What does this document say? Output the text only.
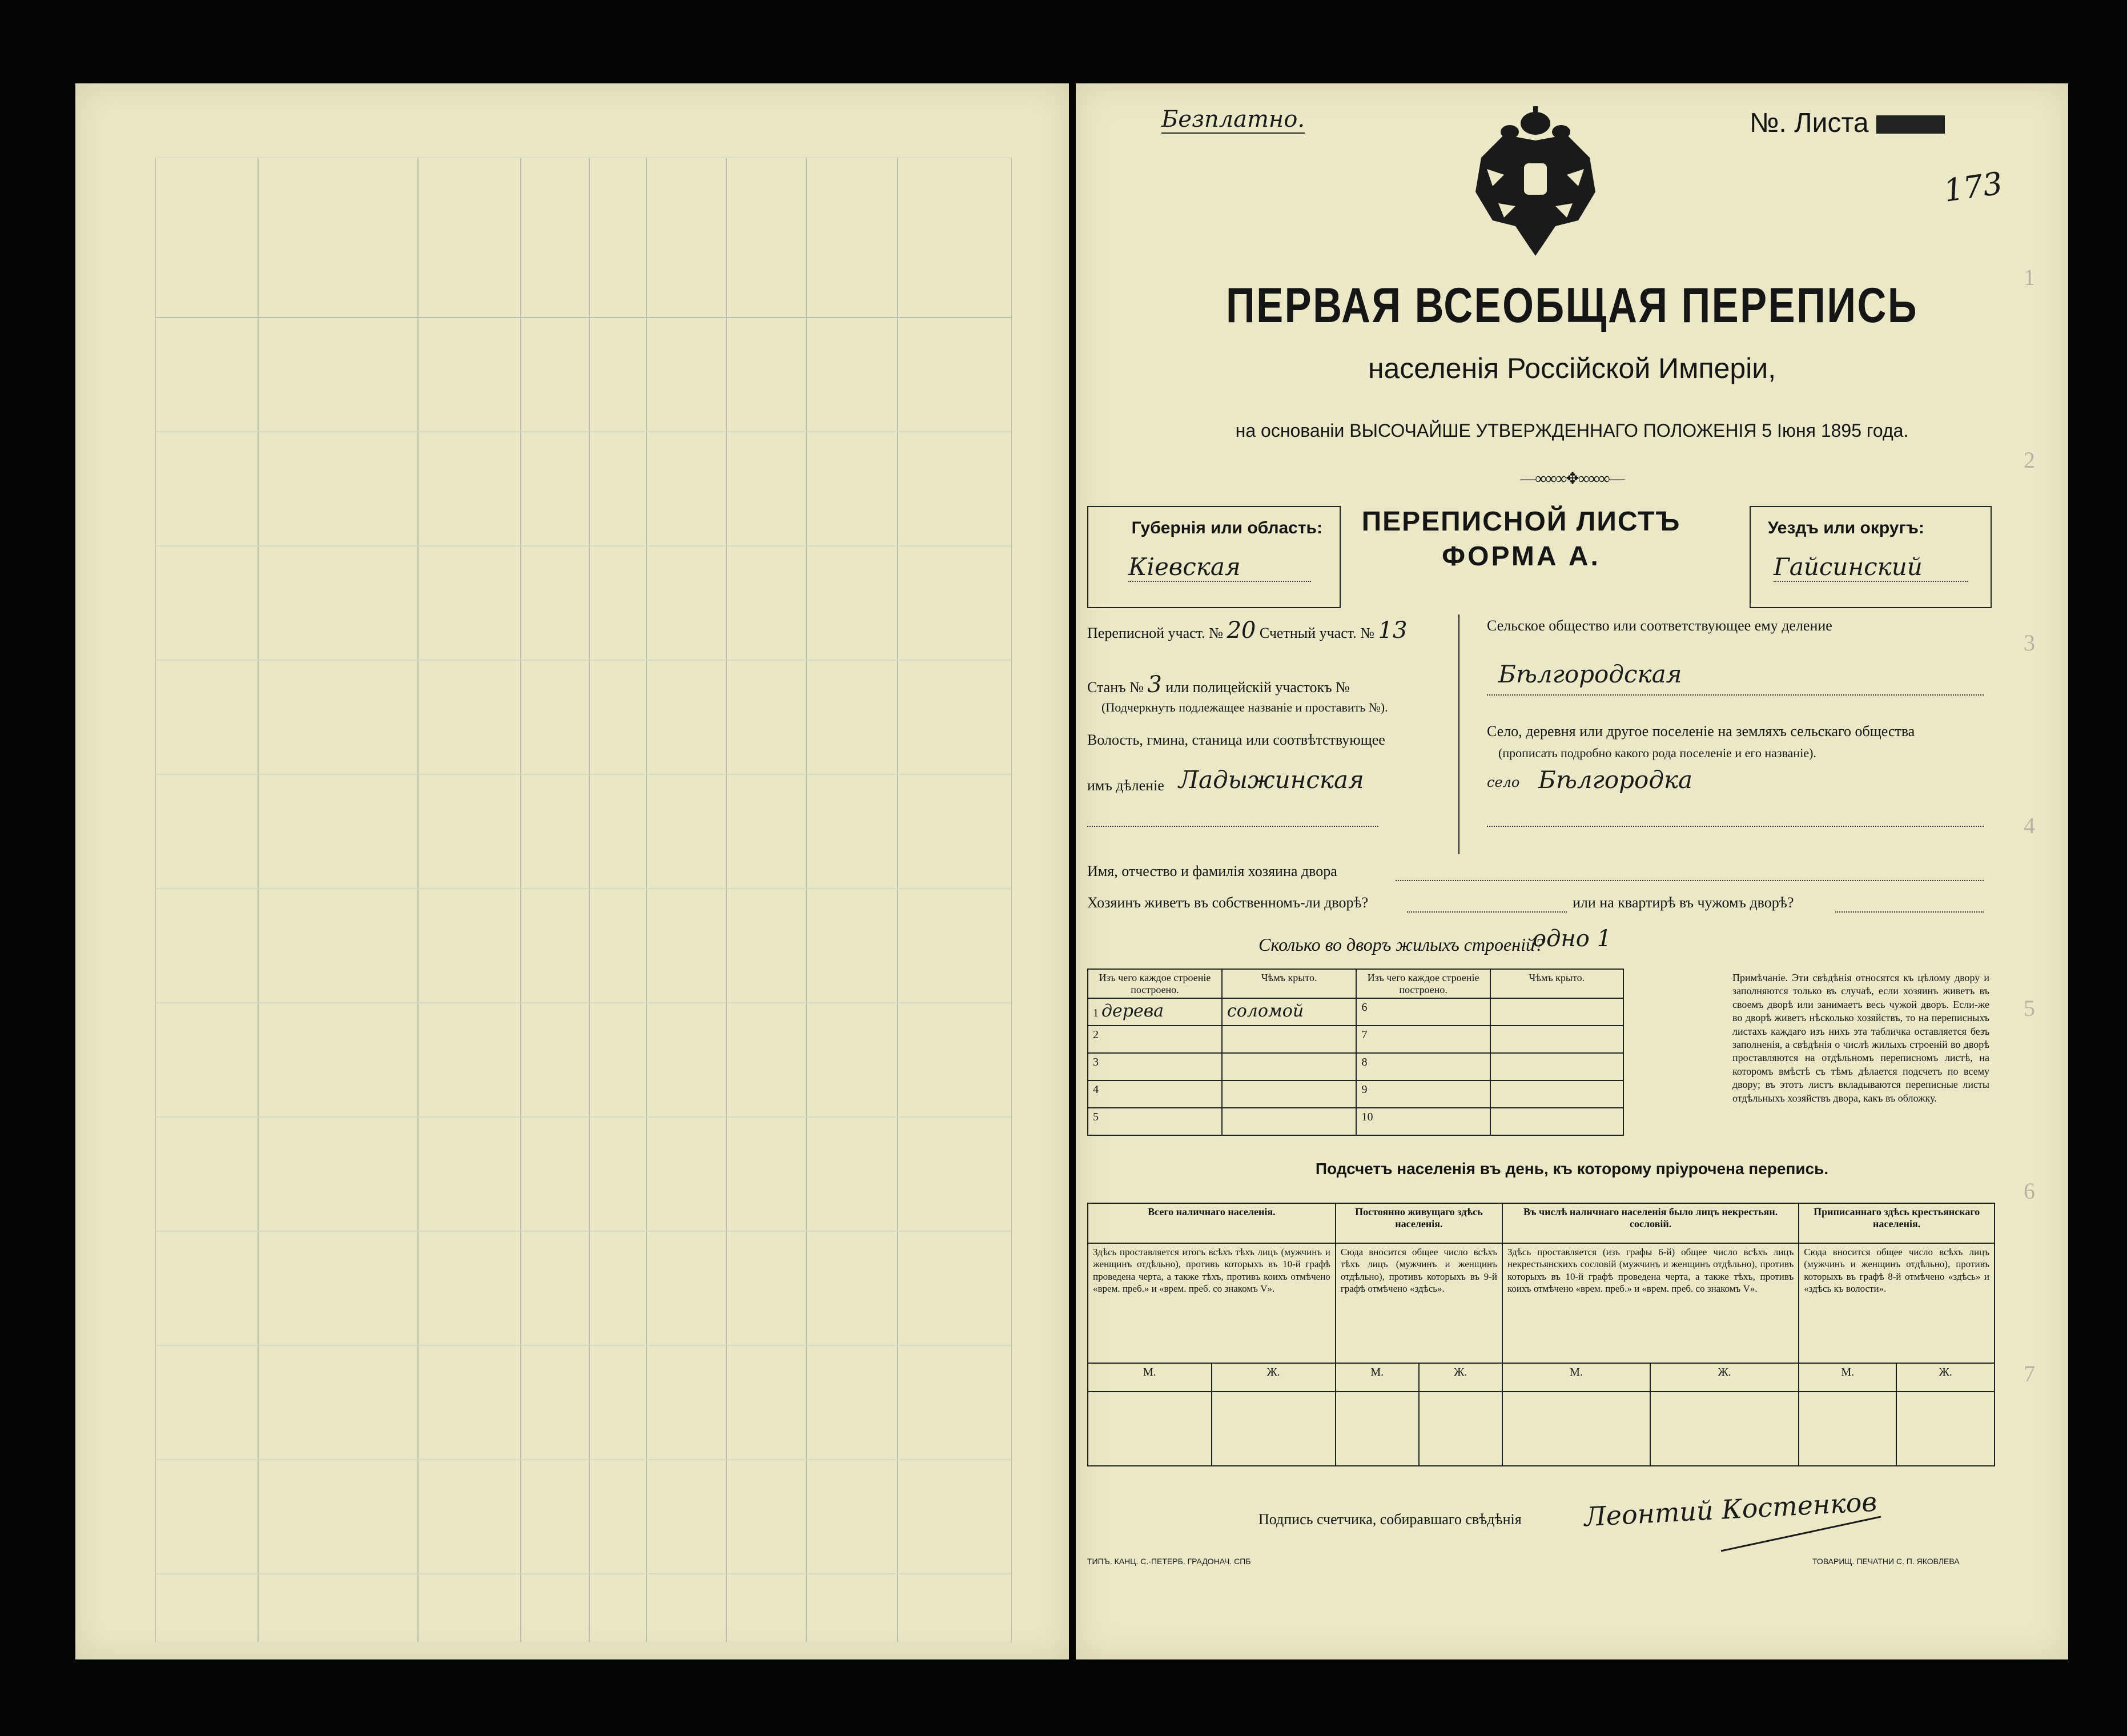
Безплатно.	№. Листа
173
ПЕРВАЯ ВСЕОБЩАЯ ПЕРЕПИСЬ
населенія Россійской Имперіи,
на основаніи ВЫСОЧАЙШЕ УТВЕРЖДЕННАГО ПОЛОЖЕНІЯ 5 Іюня 1895 года.
—∞∞∞✥∞∞∞—
Губернія или область:
Кіевская
ПЕРЕПИСНОЙ ЛИСТЪ
ФОРМА А.
Уездъ или округъ:
Гайсинский
Переписной участ. № 20 Счетный участ. № 13
Станъ № 3 или полицейскій участокъ №
(Подчеркнуть подлежащее названіе и проставить №).
Волость, гмина, станица или соотвѣтствующее
имъ дѣленіе Ладыжинская
Сельское общество или соответствующее ему деление
Бѣлгородская
Село, деревня или другое поселеніе на земляхъ сельскаго общества
(прописать подробно какого рода поселеніе и его названіе).
село Бѣлгородка
Имя, отчество и фамилія хозяина двора
Хозяинъ живетъ въ собственномъ-ли дворѣ?	или на квартирѣ въ чужомъ дворѣ?
Сколько во дворъ жилыхъ строеній?
одно 1
Изъ чего каждое строеніе построено.	Чѣмъ крыто.	Изъ чего каждое строеніе построено.	Чѣмъ крыто.
1 дерева	соломой	6	
2		7	
3		8	
4		9	
5		10	
Примѣчаніе. Эти свѣдѣнія относятся къ цѣлому двору и заполняются только въ случаѣ, если хозяинъ живетъ въ своемъ дворѣ или занимаетъ весь чужой дворъ. Если-же во дворѣ живетъ нѣсколько хозяйствъ, то на переписныхъ листахъ каждаго изъ нихъ эта табличка оставляется безъ заполненія, а свѣдѣнія о числѣ жилыхъ строеній во дворѣ проставляются на отдѣльномъ переписномъ листѣ, на которомъ вмѣстѣ съ тѣмъ дѣлается подсчетъ по всему двору; въ этотъ листъ вкладываются переписные листы отдѣльныхъ хозяйствъ двора, какъ въ обложку.
Подсчетъ населенія въ день, къ которому пріурочена перепись.
Всего наличнаго населенія.		Постоянно живущаго здѣсь населенія.		Въ числѣ наличнаго населенія было лицъ некрестьян. сословій.		Приписаннаго здѣсь крестьянскаго населенія.	
Здѣсь проставляется итогъ всѣхъ тѣхъ лицъ (мужчинъ и женщинъ отдѣльно), противъ которыхъ въ 10-й графѣ проведена черта, а также тѣхъ, противъ коихъ отмѣчено «врем. преб.» и «врем. преб. со знакомъ V».		Сюда вносится общее число всѣхъ тѣхъ лицъ (мужчинъ и женщинъ отдѣльно), противъ которыхъ въ 9-й графѣ отмѣчено «здѣсь».		Здѣсь проставляется (изъ графы 6-й) общее число всѣхъ лицъ некрестьянскихъ сословій (мужчинъ и женщинъ отдѣльно), противъ которыхъ въ 10-й графѣ проведена черта, а также тѣхъ, противъ коихъ отмѣчено «врем. преб.» и «врем. преб. со знакомъ V».		Сюда вносится общее число всѣхъ лицъ (мужчинъ и женщинъ отдѣльно), противъ которыхъ въ графѣ 8-й отмѣчено «здѣсь» и «здѣсь къ волости».	
М.	Ж.	М.	Ж.	М.	Ж.	М.	Ж.

Подпись счетчика, собиравшаго свѣдѣнія Леонтий Костенков
ТИПЪ. КАНЦ. С.-ПЕТЕРБ. ГРАДОНАЧ. СПБ	ТОВАРИЩ. ПЕЧАТНИ С. П. ЯКОВЛЕВА
1
2
3
4
5
6
7
